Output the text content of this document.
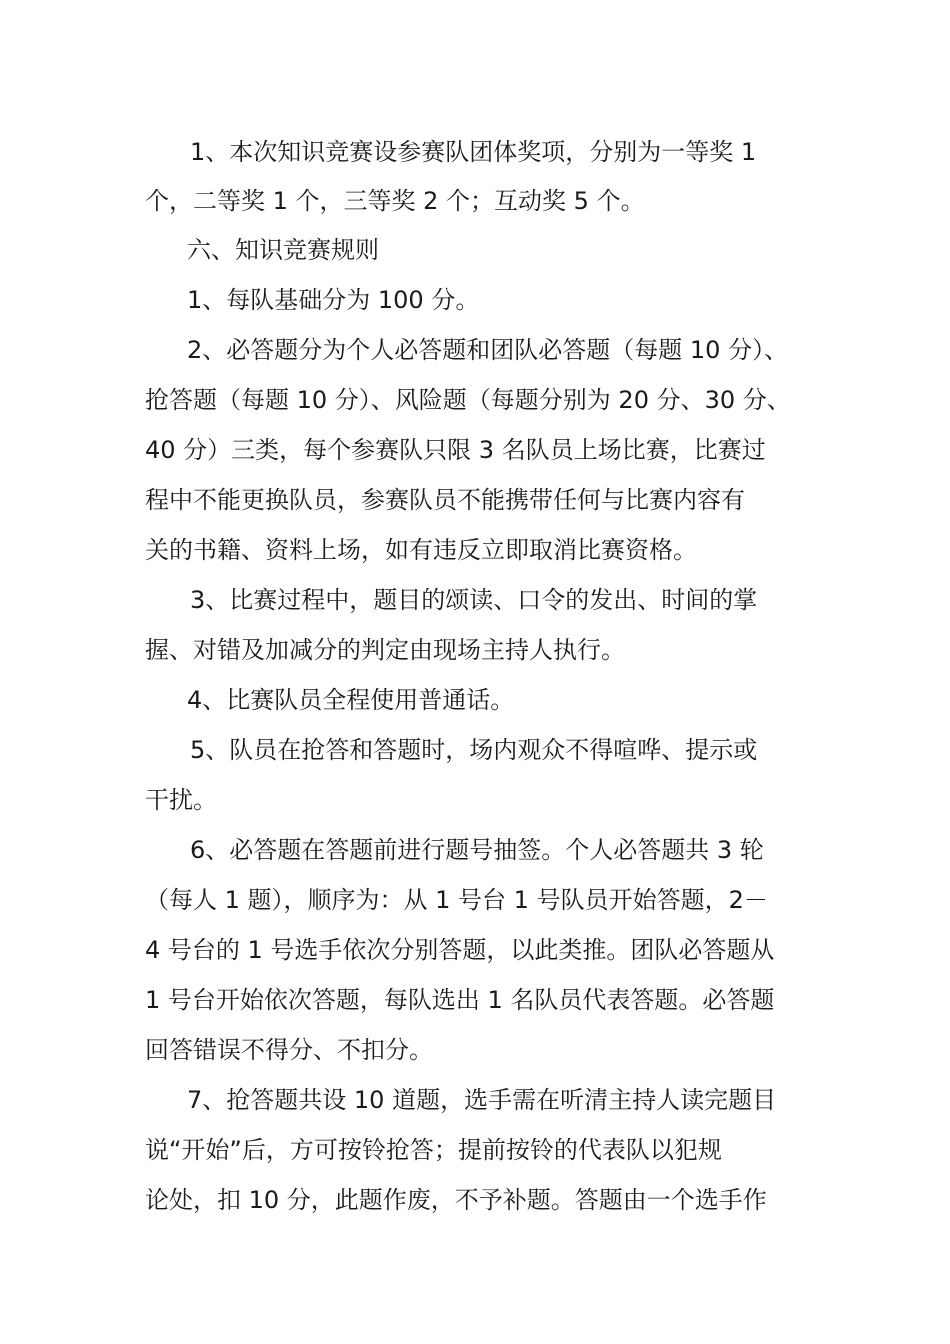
1、本次知识竞赛设参赛队团体奖项，分别为一等奖 1
个，二等奖 1 个，三等奖 2 个；互动奖 5 个。
六、知识竞赛规则
1、每队基础分为 100 分。
2、必答题分为个人必答题和团队必答题（每题 10 分）、
抢答题（每题 10 分）、风险题（每题分别为 20 分、30 分、
40 分）三类，每个参赛队只限 3 名队员上场比赛，比赛过
程中不能更换队员，参赛队员不能携带任何与比赛内容有
关的书籍、资料上场，如有违反立即取消比赛资格。
3、比赛过程中，题目的颂读、口令的发出、时间的掌
握、对错及加减分的判定由现场主持人执行。
4、比赛队员全程使用普通话。
5、队员在抢答和答题时，场内观众不得喧哗、提示或
干扰。
6、必答题在答题前进行题号抽签。个人必答题共 3 轮
（每人 1 题），顺序为：从 1 号台 1 号队员开始答题，2－
4 号台的 1 号选手依次分别答题，以此类推。团队必答题从
1 号台开始依次答题，每队选出 1 名队员代表答题。必答题
回答错误不得分、不扣分。
7、抢答题共设 10 道题，选手需在听清主持人读完题目
说“开始”后，方可按铃抢答；提前按铃的代表队以犯规
论处，扣 10 分，此题作废，不予补题。答题由一个选手作
